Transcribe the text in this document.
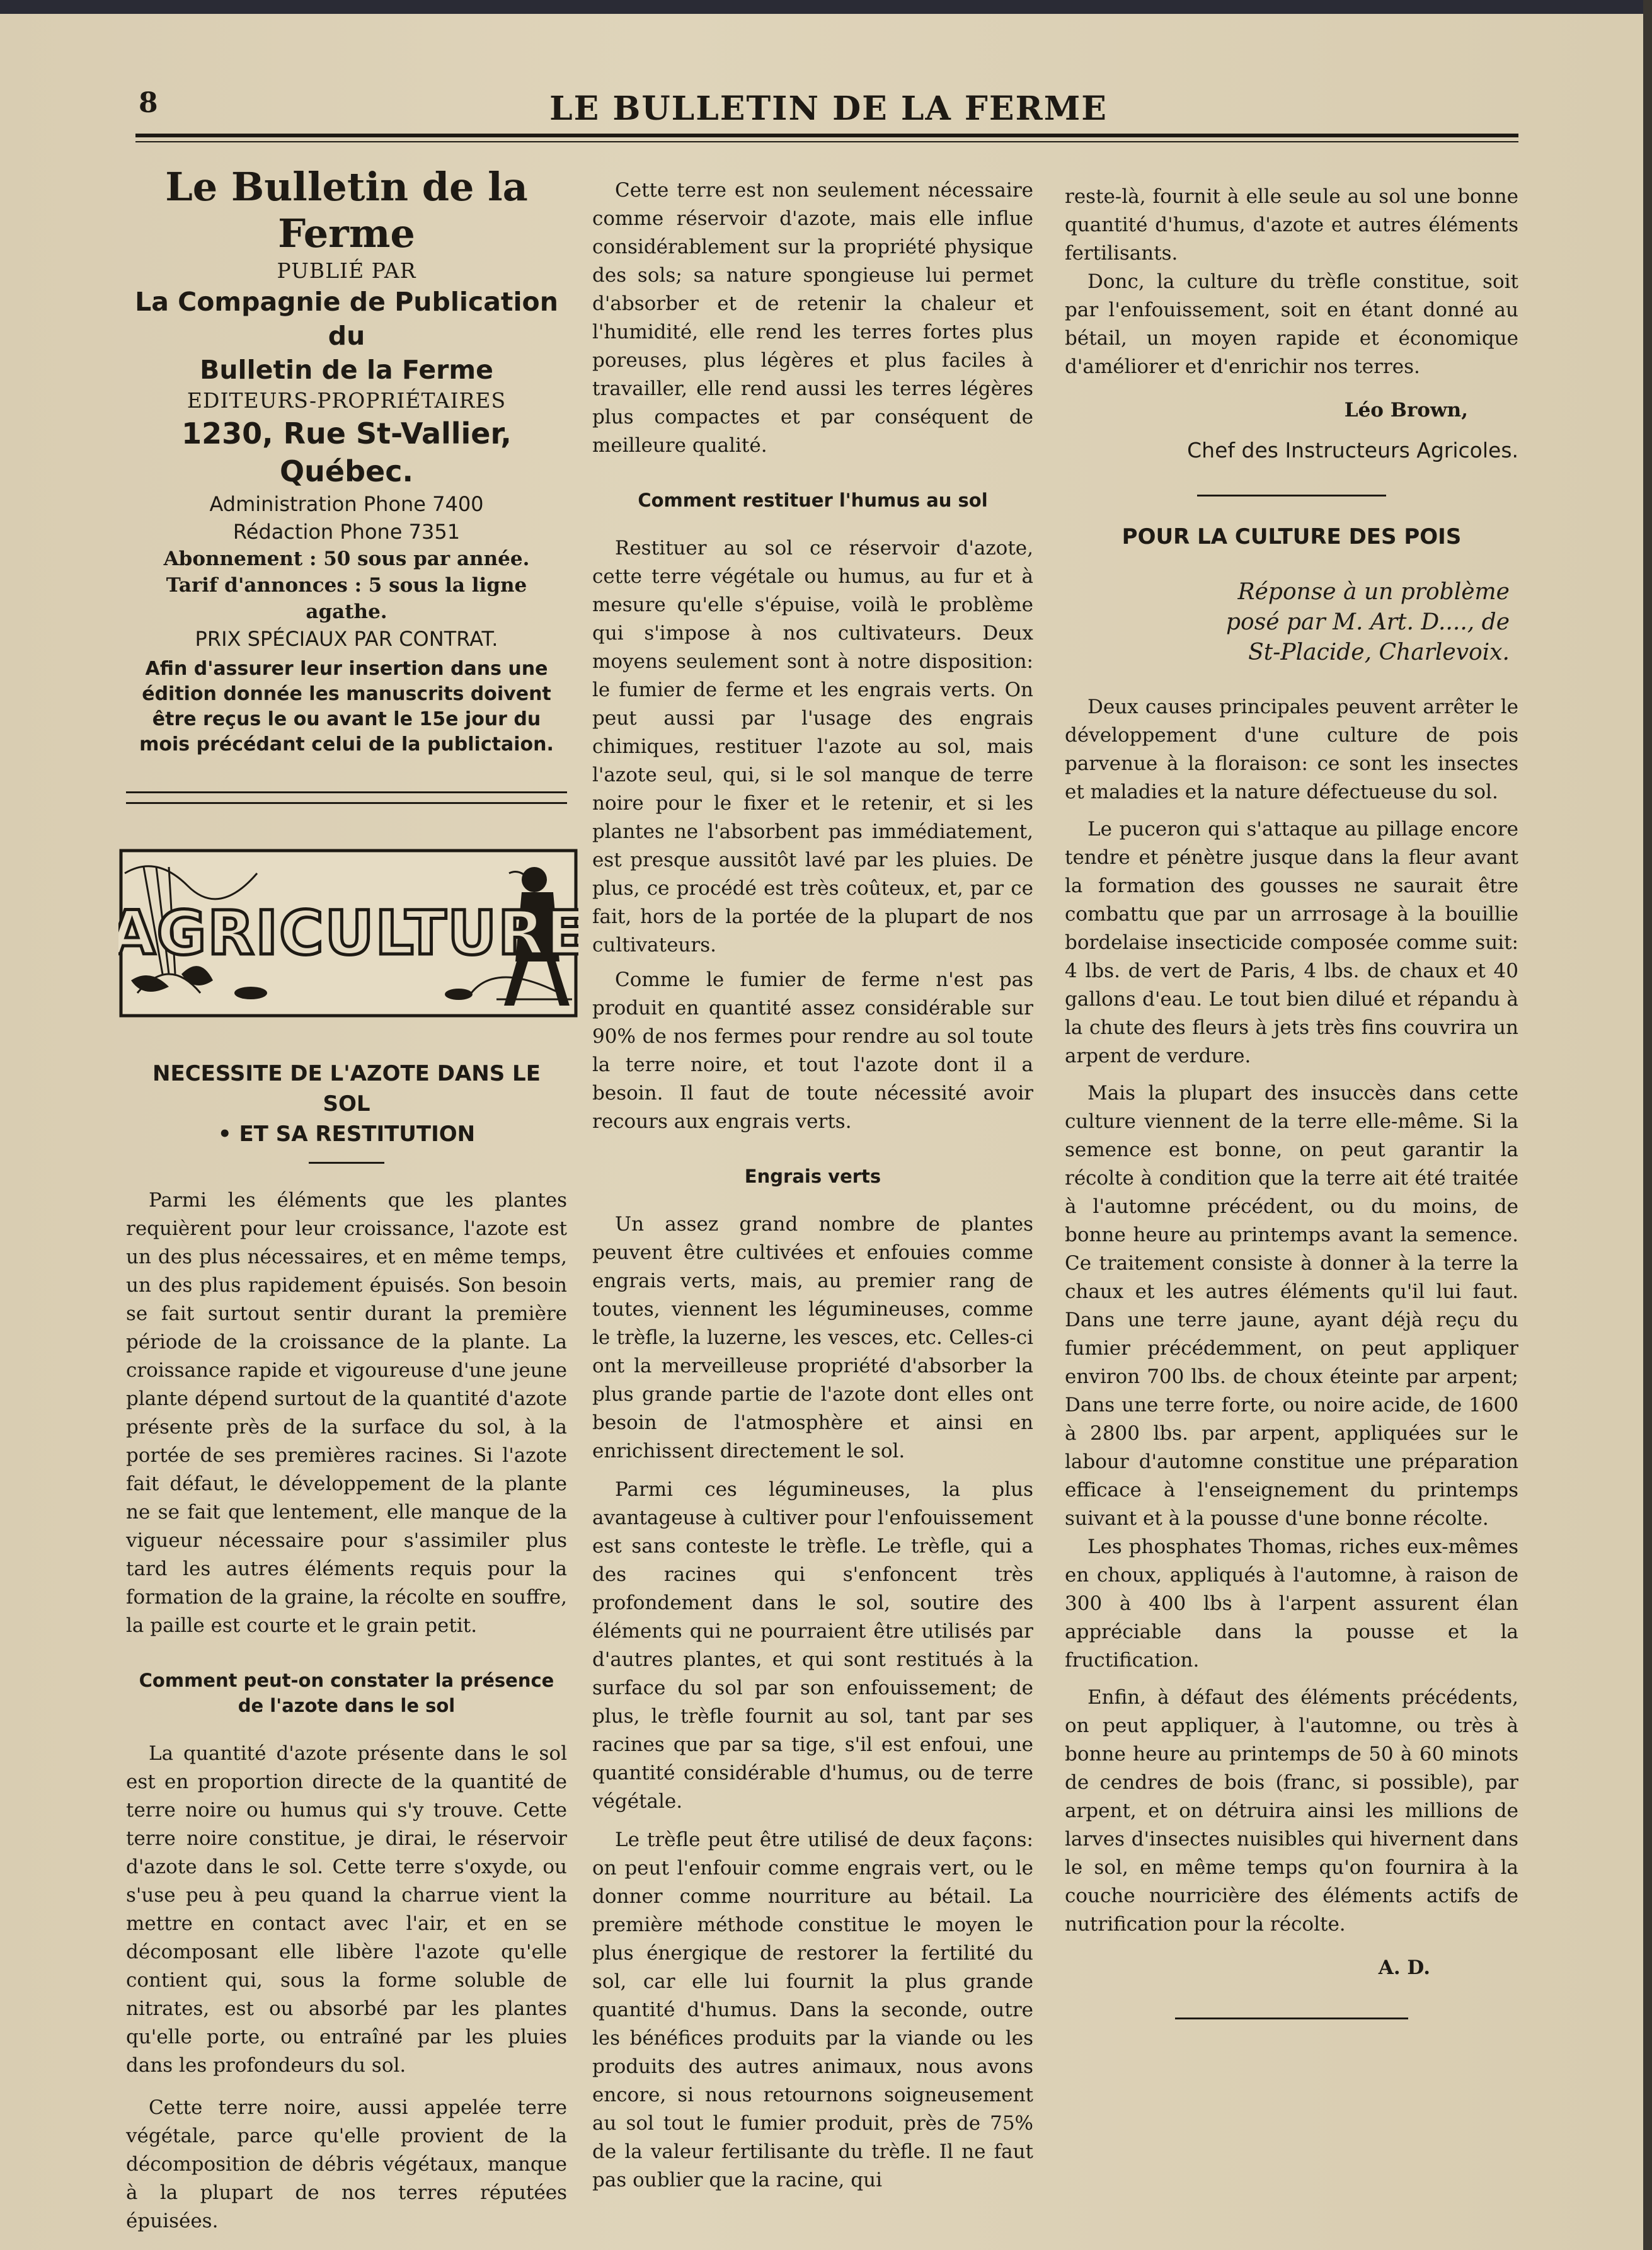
8	LE BULLETIN DE LA FERME
Le Bulletin de la Ferme
PUBLIÉ PAR
La Compagnie de Publication du
Bulletin de la Ferme
EDITEURS-PROPRIÉTAIRES
1230, Rue St-Vallier, Québec.
Administration Phone 7400
Rédaction Phone 7351
Abonnement : 50 sous par année.
Tarif d'annonces : 5 sous la ligne agathe.
PRIX SPÉCIAUX PAR CONTRAT.
Afin d'assurer leur insertion dans une édition donnée les manuscrits doivent être reçus le ou avant le 15e jour du mois précédant celui de la publictaion.
AGRICULTURE
NECESSITE DE L'AZOTE DANS LE SOL
• ET SA RESTITUTION

Parmi les éléments que les plantes requièrent pour leur croissance, l'azote est un des plus nécessaires, et en même temps, un des plus rapidement épuisés. Son besoin se fait surtout sentir durant la première période de la croissance de la plante. La croissance rapide et vigoureuse d'une jeune plante dépend surtout de la quantité d'azote présente près de la surface du sol, à la portée de ses premières racines. Si l'azote fait défaut, le développement de la plante ne se fait que lentement, elle manque de la vigueur nécessaire pour s'assimiler plus tard les autres éléments requis pour la formation de la graine, la récolte en souffre, la paille est courte et le grain petit.

Comment peut-on constater la présence
de l'azote dans le sol

La quantité d'azote présente dans le sol est en proportion directe de la quantité de terre noire ou humus qui s'y trouve. Cette terre noire constitue, je dirai, le réservoir d'azote dans le sol. Cette terre s'oxyde, ou s'use peu à peu quand la charrue vient la mettre en contact avec l'air, et en se décomposant elle libère l'azote qu'elle contient qui, sous la forme soluble de nitrates, est ou absorbé par les plantes qu'elle porte, ou entraîné par les pluies dans les profondeurs du sol.

Cette terre noire, aussi appelée terre végétale, parce qu'elle provient de la décomposition de débris végétaux, manque à la plupart de nos terres réputées épuisées.

Cette terre est non seulement nécessaire comme réservoir d'azote, mais elle influe considérablement sur la propriété physique des sols; sa nature spongieuse lui permet d'absorber et de retenir la chaleur et l'humidité, elle rend les terres fortes plus poreuses, plus légères et plus faciles à travailler, elle rend aussi les terres légères plus compactes et par conséquent de meilleure qualité.

Comment restituer l'humus au sol

Restituer au sol ce réservoir d'azote, cette terre végétale ou humus, au fur et à mesure qu'elle s'épuise, voilà le problème qui s'impose à nos cultivateurs. Deux moyens seulement sont à notre disposition: le fumier de ferme et les engrais verts. On peut aussi par l'usage des engrais chimiques, restituer l'azote au sol, mais l'azote seul, qui, si le sol manque de terre noire pour le fixer et le retenir, et si les plantes ne l'absorbent pas immédiatement, est presque aussitôt lavé par les pluies. De plus, ce procédé est très coûteux, et, par ce fait, hors de la portée de la plupart de nos cultivateurs.

Comme le fumier de ferme n'est pas produit en quantité assez considérable sur 90% de nos fermes pour rendre au sol toute la terre noire, et tout l'azote dont il a besoin. Il faut de toute nécessité avoir recours aux engrais verts.

Engrais verts

Un assez grand nombre de plantes peuvent être cultivées et enfouies comme engrais verts, mais, au premier rang de toutes, viennent les légumineuses, comme le trèfle, la luzerne, les vesces, etc. Celles-ci ont la merveilleuse propriété d'absorber la plus grande partie de l'azote dont elles ont besoin de l'atmosphère et ainsi en enrichissent directement le sol.

Parmi ces légumineuses, la plus avantageuse à cultiver pour l'enfouissement est sans conteste le trèfle. Le trèfle, qui a des racines qui s'enfoncent très profondement dans le sol, soutire des éléments qui ne pourraient être utilisés par d'autres plantes, et qui sont restitués à la surface du sol par son enfouissement; de plus, le trèfle fournit au sol, tant par ses racines que par sa tige, s'il est enfoui, une quantité considérable d'humus, ou de terre végétale.

Le trèfle peut être utilisé de deux façons: on peut l'enfouir comme engrais vert, ou le donner comme nourriture au bétail. La première méthode constitue le moyen le plus énergique de restorer la fertilité du sol, car elle lui fournit la plus grande quantité d'humus. Dans la seconde, outre les bénéfices produits par la viande ou les produits des autres animaux, nous avons encore, si nous retournons soigneusement au sol tout le fumier produit, près de 75% de la valeur fertilisante du trèfle. Il ne faut pas oublier que la racine, qui

reste-là, fournit à elle seule au sol une bonne quantité d'humus, d'azote et autres éléments fertilisants.

Donc, la culture du trèfle constitue, soit par l'enfouissement, soit en étant donné au bétail, un moyen rapide et économique d'améliorer et d'enrichir nos terres.

Léo Brown,
Chef des Instructeurs Agricoles.
POUR LA CULTURE DES POIS
Réponse à un problème
posé par M. Art. D...., de
St-Placide, Charlevoix.

Deux causes principales peuvent arrêter le développement d'une culture de pois parvenue à la floraison: ce sont les insectes et maladies et la nature défectueuse du sol.

Le puceron qui s'attaque au pillage encore tendre et pénètre jusque dans la fleur avant la formation des gousses ne saurait être combattu que par un arrrosage à la bouillie bordelaise insecticide composée comme suit: 4 lbs. de vert de Paris, 4 lbs. de chaux et 40 gallons d'eau. Le tout bien dilué et répandu à la chute des fleurs à jets très fins couvrira un arpent de verdure.

Mais la plupart des insuccès dans cette culture viennent de la terre elle-même. Si la semence est bonne, on peut garantir la récolte à condition que la terre ait été traitée à l'automne précédent, ou du moins, de bonne heure au printemps avant la semence. Ce traitement consiste à donner à la terre la chaux et les autres éléments qu'il lui faut. Dans une terre jaune, ayant déjà reçu du fumier précédemment, on peut appliquer environ 700 lbs. de choux éteinte par arpent; Dans une terre forte, ou noire acide, de 1600 à 2800 lbs. par arpent, appliquées sur le labour d'automne constitue une préparation efficace à l'enseignement du printemps suivant et à la pousse d'une bonne récolte.

Les phosphates Thomas, riches eux-mêmes en choux, appliqués à l'automne, à raison de 300 à 400 lbs à l'arpent assurent élan appréciable dans la pousse et la fructification.

Enfin, à défaut des éléments précédents, on peut appliquer, à l'automne, ou très à bonne heure au printemps de 50 à 60 minots de cendres de bois (franc, si possible), par arpent, et on détruira ainsi les millions de larves d'insectes nuisibles qui hivernent dans le sol, en même temps qu'on fournira à la couche nourricière des éléments actifs de nutrification pour la récolte.

A. D.
